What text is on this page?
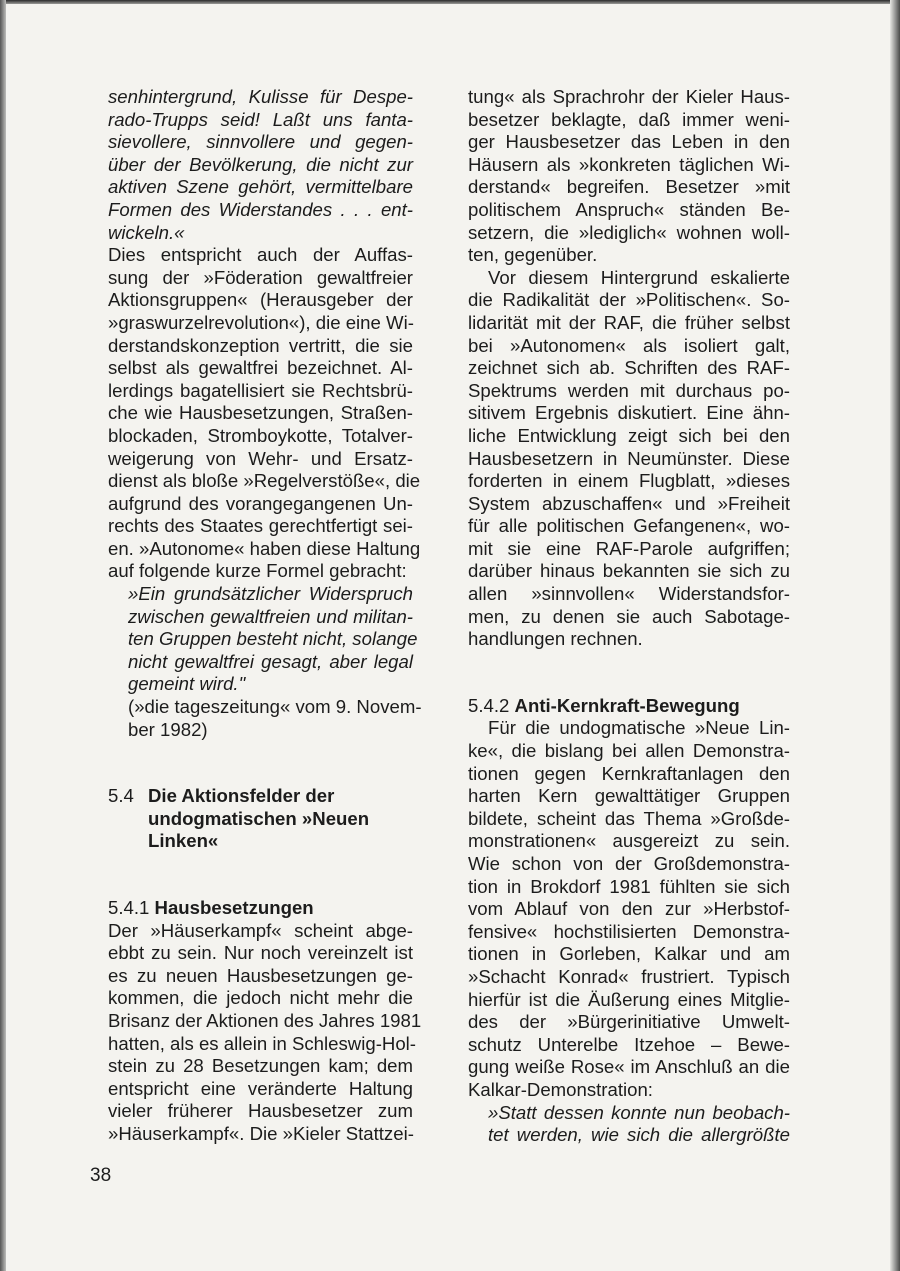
senhintergrund, Kulisse für Despe-
rado-Trupps seid! Laßt uns fanta-
sievollere, sinnvollere und gegen-
über der Bevölkerung, die nicht zur
aktiven Szene gehört, vermittelbare
Formen des Widerstandes . . . ent-
wickeln.«
Dies entspricht auch der Auffas-
sung der »Föderation gewaltfreier
Aktionsgruppen« (Herausgeber der
»graswurzelrevolution«), die eine Wi-
derstandskonzeption vertritt, die sie
selbst als gewaltfrei bezeichnet. Al-
lerdings bagatellisiert sie Rechtsbrü-
che wie Hausbesetzungen, Straßen-
blockaden, Stromboykotte, Totalver-
weigerung von Wehr- und Ersatz-
dienst als bloße »Regelverstöße«, die
aufgrund des vorangegangenen Un-
rechts des Staates gerechtfertigt sei-
en. »Autonome« haben diese Haltung
auf folgende kurze Formel gebracht:
»Ein grundsätzlicher Widerspruch
zwischen gewaltfreien und militan-
ten Gruppen besteht nicht, solange
nicht gewaltfrei gesagt, aber legal
gemeint wird."
(»die tageszeitung« vom 9. Novem-
ber 1982)
5.4 Die Aktionsfelder der
undogmatischen »Neuen
Linken«
5.4.1 Hausbesetzungen
Der »Häuserkampf« scheint abge-
ebbt zu sein. Nur noch vereinzelt ist
es zu neuen Hausbesetzungen ge-
kommen, die jedoch nicht mehr die
Brisanz der Aktionen des Jahres 1981
hatten, als es allein in Schleswig-Hol-
stein zu 28 Besetzungen kam; dem
entspricht eine veränderte Haltung
vieler früherer Hausbesetzer zum
»Häuserkampf«. Die »Kieler Stattzei-
tung« als Sprachrohr der Kieler Haus-
besetzer beklagte, daß immer weni-
ger Hausbesetzer das Leben in den
Häusern als »konkreten täglichen Wi-
derstand« begreifen. Besetzer »mit
politischem Anspruch« ständen Be-
setzern, die »lediglich« wohnen woll-
ten, gegenüber.
Vor diesem Hintergrund eskalierte
die Radikalität der »Politischen«. So-
lidarität mit der RAF, die früher selbst
bei »Autonomen« als isoliert galt,
zeichnet sich ab. Schriften des RAF-
Spektrums werden mit durchaus po-
sitivem Ergebnis diskutiert. Eine ähn-
liche Entwicklung zeigt sich bei den
Hausbesetzern in Neumünster. Diese
forderten in einem Flugblatt, »dieses
System abzuschaffen« und »Freiheit
für alle politischen Gefangenen«, wo-
mit sie eine RAF-Parole aufgriffen;
darüber hinaus bekannten sie sich zu
allen »sinnvollen« Widerstandsfor-
men, zu denen sie auch Sabotage-
handlungen rechnen.
5.4.2 Anti-Kernkraft-Bewegung
Für die undogmatische »Neue Lin-
ke«, die bislang bei allen Demonstra-
tionen gegen Kernkraftanlagen den
harten Kern gewalttätiger Gruppen
bildete, scheint das Thema »Großde-
monstrationen« ausgereizt zu sein.
Wie schon von der Großdemonstra-
tion in Brokdorf 1981 fühlten sie sich
vom Ablauf von den zur »Herbstof-
fensive« hochstilisierten Demonstra-
tionen in Gorleben, Kalkar und am
»Schacht Konrad« frustriert. Typisch
hierfür ist die Äußerung eines Mitglie-
des der »Bürgerinitiative Umwelt-
schutz Unterelbe Itzehoe – Bewe-
gung weiße Rose« im Anschluß an die
Kalkar-Demonstration:
»Statt dessen konnte nun beobach-
tet werden, wie sich die allergrößte
38
